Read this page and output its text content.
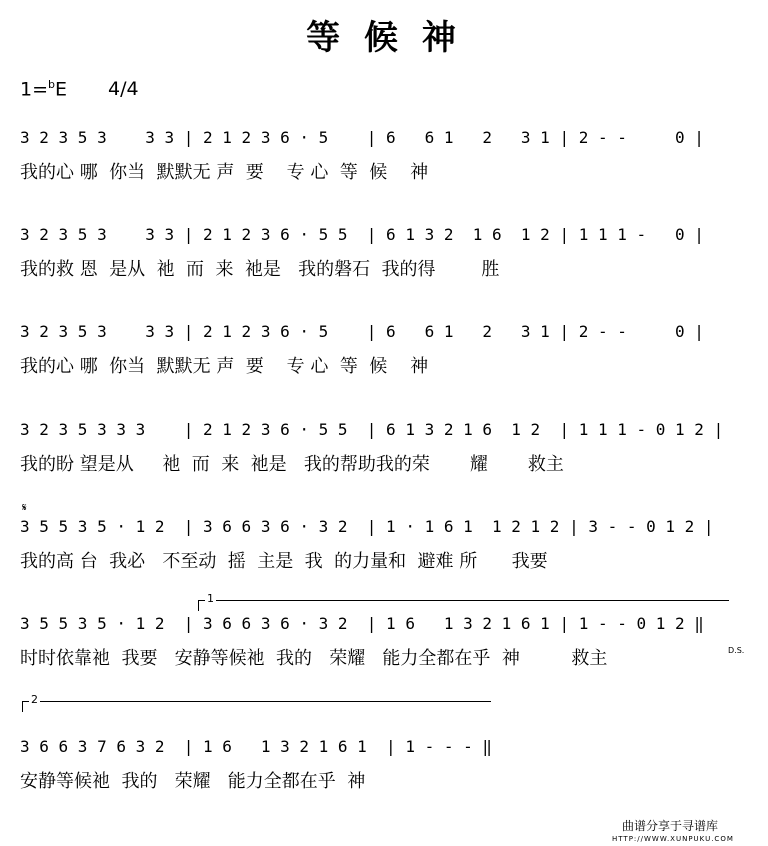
等 候 神
1=$^b$E 4/4
3 2 3 5 3    3 3 | 2 1 2 3 6 · 5    | 6   6 1   2   3 1 | 2 - -     0 |
我的心 哪  你当  默默无 声  要    专 心  等  候    神
3 2 3 5 3    3 3 | 2 1 2 3 6 · 5 5  | 6 1 3 2  1 6  1 2 | 1 1 1 -   0 |
我的救 恩  是从  祂  而  来  祂是   我的磐石  我的得        胜
3 2 3 5 3    3 3 | 2 1 2 3 6 · 5    | 6   6 1   2   3 1 | 2 - -     0 |
我的心 哪  你当  默默无 声  要    专 心  等  候    神
3 2 3 5 3 3 3    | 2 1 2 3 6 · 5 5  | 6 1 3 2 1 6  1 2  | 1 1 1 - 0 1 2 |
我的盼 望是从     祂  而  来  祂是   我的帮助我的荣       耀       救主
𝄋
3 5 5 3 5 · 1 2  | 3 6 6 3 6 · 3 2  | 1 · 1 6 1  1 2 1 2 | 3 - - 0 1 2 |
我的高 台  我必   不至动  摇  主是  我  的力量和  避难 所      我要
1
3 5 5 3 5 · 1 2  | 3 6 6 3 6 · 3 2  | 1 6   1 3 2 1 6 1 | 1 - - 0 1 2 ‖
时时依靠祂  我要   安静等候祂  我的   荣耀   能力全都在乎  神         救主	D.S.
2
3 6 6 3 7 6 3 2  | 1 6   1 3 2 1 6 1  | 1 - - - ‖
安静等候祂  我的   荣耀   能力全都在乎  神
曲谱分享于寻谱库
HTTP://WWW.XUNPUKU.COM
